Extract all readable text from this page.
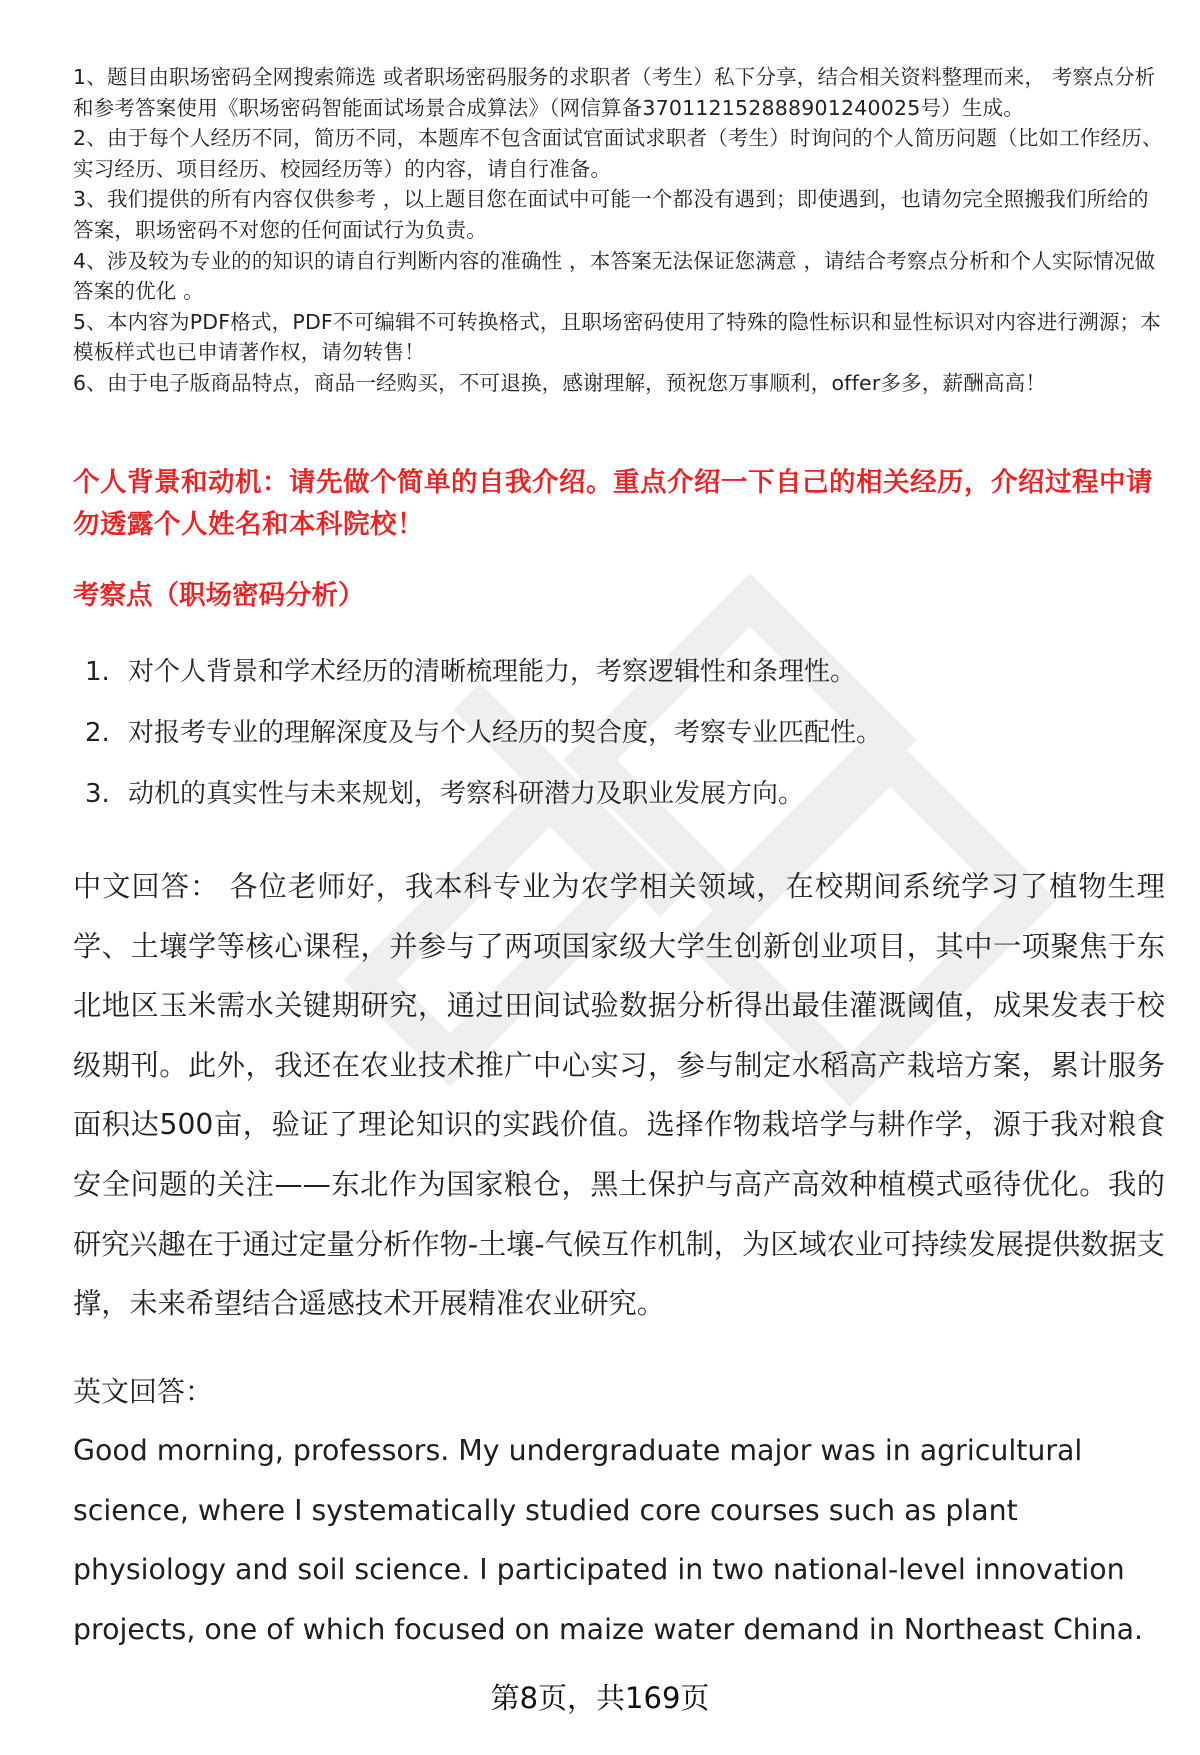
1、题目由职场密码全网搜索筛选 或者职场密码服务的求职者（考生）私下分享，结合相关资料整理而来， 考察点分析和参考答案使用《职场密码智能面试场景合成算法》（网信算备370112152888901240025号）生成。

2、由于每个人经历不同，简历不同，本题库不包含面试官面试求职者（考生）时询问的个人简历问题（比如工作经历、实习经历、项目经历、校园经历等）的内容，请自行准备。

3、我们提供的所有内容仅供参考 ，以上题目您在面试中可能一个都没有遇到；即使遇到，也请勿完全照搬我们所给的答案，职场密码不对您的任何面试行为负责。

4、涉及较为专业的的知识的请自行判断内容的准确性 ，本答案无法保证您满意 ，请结合考察点分析和个人实际情况做答案的优化 。

5、本内容为PDF格式，PDF不可编辑不可转换格式，且职场密码使用了特殊的隐性标识和显性标识对内容进行溯源；本模板样式也已申请著作权，请勿转售！

6、由于电子版商品特点，商品一经购买，不可退换，感谢理解，预祝您万事顺利，offer多多，薪酬高高！

个人背景和动机：请先做个简单的自我介绍。重点介绍一下自己的相关经历，介绍过程中请勿透露个人姓名和本科院校！
考察点（职场密码分析）
1. 对个人背景和学术经历的清晰梳理能力，考察逻辑性和条理性。
2. 对报考专业的理解深度及与个人经历的契合度，考察专业匹配性。
3. 动机的真实性与未来规划，考察科研潜力及职业发展方向。

中文回答： 各位老师好，我本科专业为农学相关领域，在校期间系统学习了植物生理学、土壤学等核心课程，并参与了两项国家级大学生创新创业项目，其中一项聚焦于东北地区玉米需水关键期研究，通过田间试验数据分析得出最佳灌溉阈值，成果发表于校级期刊。此外，我还在农业技术推广中心实习，参与制定水稻高产栽培方案，累计服务面积达500亩，验证了理论知识的实践价值。选择作物栽培学与耕作学，源于我对粮食安全问题的关注——东北作为国家粮仓，黑土保护与高产高效种植模式亟待优化。我的研究兴趣在于通过定量分析作物-土壤-气候互作机制，为区域农业可持续发展提供数据支撑，未来希望结合遥感技术开展精准农业研究。

英文回答：

Good morning, professors. My undergraduate major was in agricultural science, where I systematically studied core courses such as plant physiology and soil science. I participated in two national-level innovation projects, one of which focused on maize water demand in Northeast China.

第8页，共169页
